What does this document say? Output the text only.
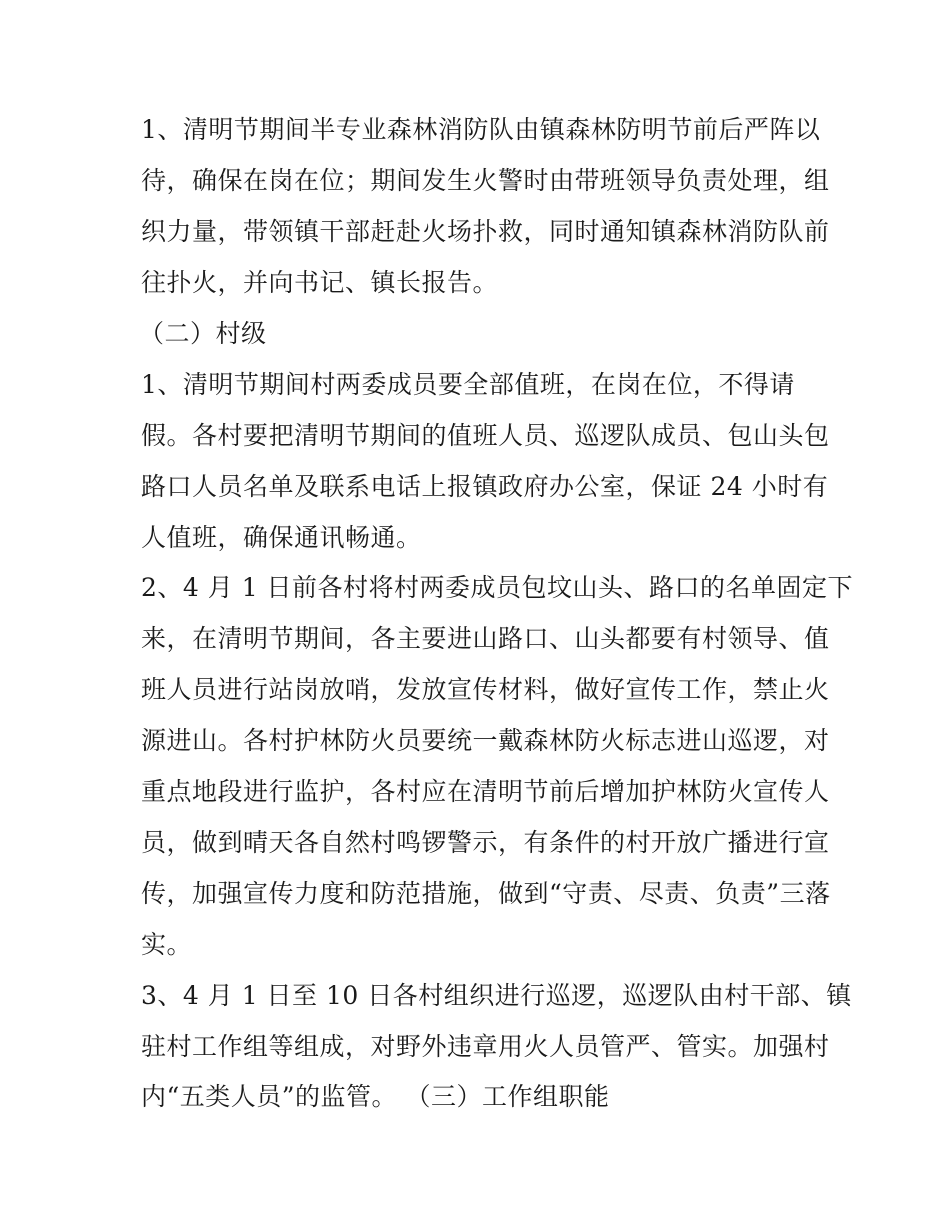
1、清明节期间半专业森林消防队由镇森林防明节前后严阵以
待，确保在岗在位；期间发生火警时由带班领导负责处理，组
织力量，带领镇干部赶赴火场扑救，同时通知镇森林消防队前
往扑火，并向书记、镇长报告。
（二）村级
1、清明节期间村两委成员要全部值班，在岗在位，不得请
假。各村要把清明节期间的值班人员、巡逻队成员、包山头包
路口人员名单及联系电话上报镇政府办公室，保证 24 小时有
人值班，确保通讯畅通。
2、4 月 1 日前各村将村两委成员包坟山头、路口的名单固定下
来，在清明节期间，各主要进山路口、山头都要有村领导、值
班人员进行站岗放哨，发放宣传材料，做好宣传工作，禁止火
源进山。各村护林防火员要统一戴森林防火标志进山巡逻，对
重点地段进行监护，各村应在清明节前后增加护林防火宣传人
员，做到晴天各自然村鸣锣警示，有条件的村开放广播进行宣
传，加强宣传力度和防范措施，做到“守责、尽责、负责”三落
实。
3、4 月 1 日至 10 日各村组织进行巡逻，巡逻队由村干部、镇
驻村工作组等组成，对野外违章用火人员管严、管实。加强村
内“五类人员”的监管。 （三）工作组职能
